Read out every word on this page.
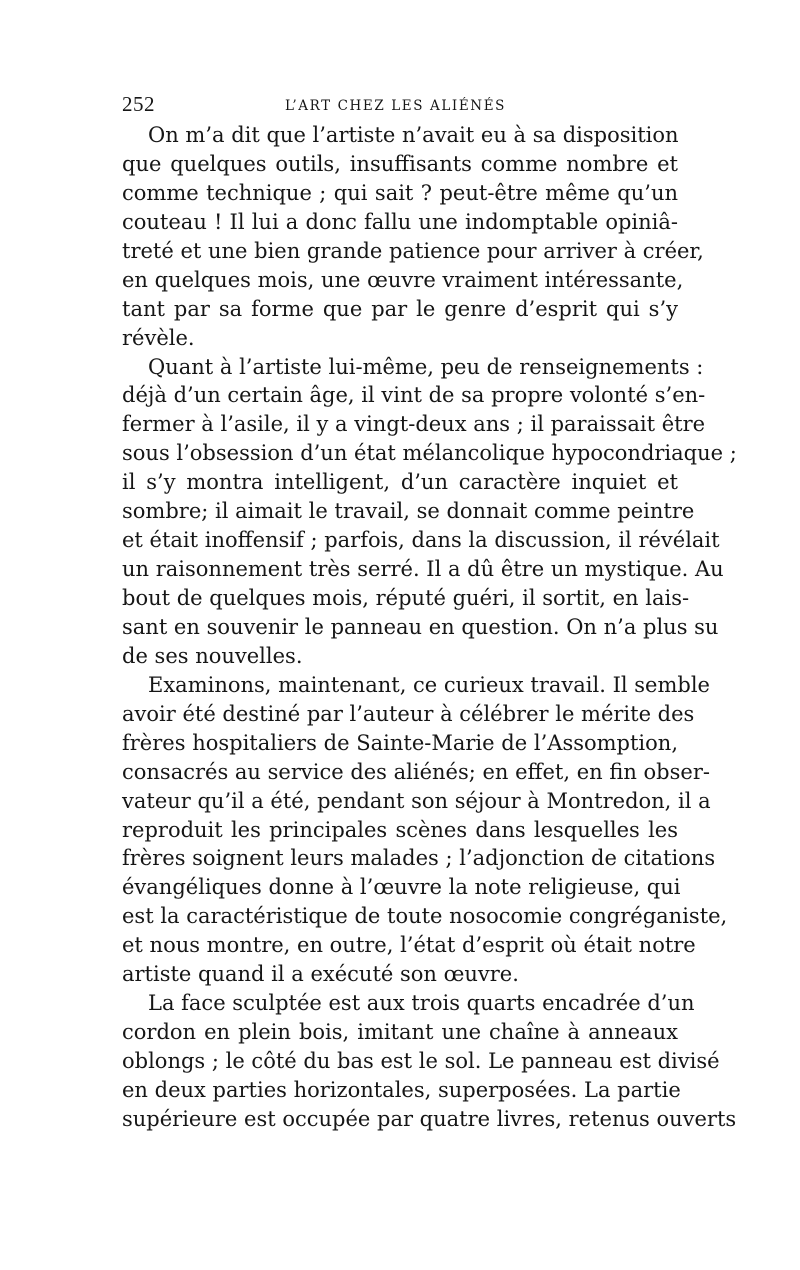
252	L’ART CHEZ LES ALIÉNÉS
On m’a dit que l’artiste n’avait eu à sa disposition
que quelques outils, insuffisants comme nombre et
comme technique ; qui sait ? peut-être même qu’un
couteau ! Il lui a donc fallu une indomptable opiniâ-
treté et une bien grande patience pour arriver à créer,
en quelques mois, une œuvre vraiment intéressante,
tant par sa forme que par le genre d’esprit qui s’y
révèle.
Quant à l’artiste lui-même, peu de renseignements :
déjà d’un certain âge, il vint de sa propre volonté s’en-
fermer à l’asile, il y a vingt-deux ans ; il paraissait être
sous l’obsession d’un état mélancolique hypocondriaque ;
il s’y montra intelligent, d’un caractère inquiet et
sombre; il aimait le travail, se donnait comme peintre
et était inoffensif ; parfois, dans la discussion, il révélait
un raisonnement très serré. Il a dû être un mystique. Au
bout de quelques mois, réputé guéri, il sortit, en lais-
sant en souvenir le panneau en question. On n’a plus su
de ses nouvelles.
Examinons, maintenant, ce curieux travail. Il semble
avoir été destiné par l’auteur à célébrer le mérite des
frères hospitaliers de Sainte-Marie de l’Assomption,
consacrés au service des aliénés; en effet, en fin obser-
vateur qu’il a été, pendant son séjour à Montredon, il a
reproduit les principales scènes dans lesquelles les
frères soignent leurs malades ; l’adjonction de citations
évangéliques donne à l’œuvre la note religieuse, qui
est la caractéristique de toute nosocomie congréganiste,
et nous montre, en outre, l’état d’esprit où était notre
artiste quand il a exécuté son œuvre.
La face sculptée est aux trois quarts encadrée d’un
cordon en plein bois, imitant une chaîne à anneaux
oblongs ; le côté du bas est le sol. Le panneau est divisé
en deux parties horizontales, superposées. La partie
supérieure est occupée par quatre livres, retenus ouverts
